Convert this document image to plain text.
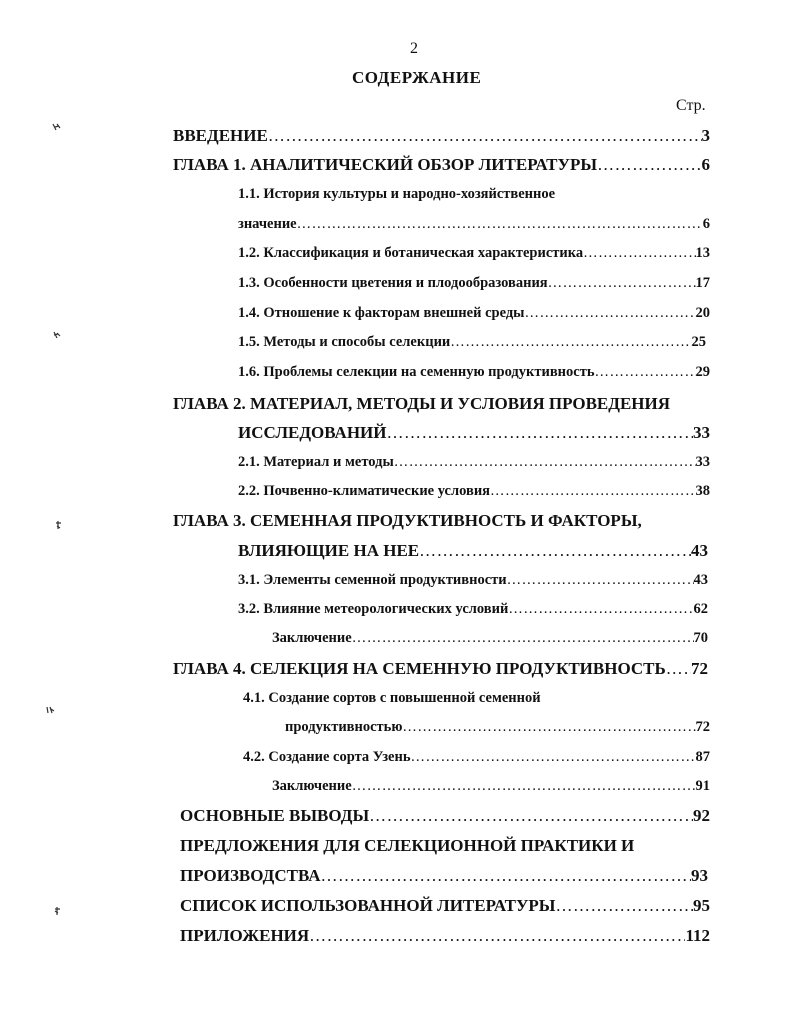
2
СОДЕРЖАНИЕ
Стр.
ВВЕДЕНИЕ ……………………………………………………………………………………………………………………………………………………………………	3
ГЛАВА 1. АНАЛИТИЧЕСКИЙ ОБЗОР ЛИТЕРАТУРЫ ……………………………………………………………………………………………………………………………………………………………………	6
1.1. История культуры и народно-хозяйственное
значение ……………………………………………………………………………………………………………………………………………………………………	6
1.2. Классификация и ботаническая характеристика ……………………………………………………………………………………………………………………………………………………………………	13
1.3. Особенности цветения и плодообразования ……………………………………………………………………………………………………………………………………………………………………	17
1.4. Отношение к факторам внешней среды ……………………………………………………………………………………………………………………………………………………………………	20
1.5. Методы и способы селекции ……………………………………………………………………………………………………………………………………………………………………	25
1.6. Проблемы селекции на семенную продуктивность ……………………………………………………………………………………………………………………………………………………………………	29
ГЛАВА 2. МАТЕРИАЛ, МЕТОДЫ И УСЛОВИЯ ПРОВЕДЕНИЯ
ИССЛЕДОВАНИЙ ……………………………………………………………………………………………………………………………………………………………………	33
2.1. Материал и методы ……………………………………………………………………………………………………………………………………………………………………	33
2.2. Почвенно-климатические условия ……………………………………………………………………………………………………………………………………………………………………	38
ГЛАВА 3. СЕМЕННАЯ ПРОДУКТИВНОСТЬ И ФАКТОРЫ,
ВЛИЯЮЩИЕ НА НЕЕ ……………………………………………………………………………………………………………………………………………………………………	43
3.1. Элементы семенной продуктивности ……………………………………………………………………………………………………………………………………………………………………	43
3.2. Влияние метеорологических условий ……………………………………………………………………………………………………………………………………………………………………	62
Заключение ……………………………………………………………………………………………………………………………………………………………………	70
ГЛАВА 4. СЕЛЕКЦИЯ НА СЕМЕННУЮ ПРОДУКТИВНОСТЬ …………………………………………………………………………………………………………………………………………………………………… 72
4.1. Создание сортов с повышенной семенной
продуктивностью ……………………………………………………………………………………………………………………………………………………………………	72
4.2. Создание сорта Узень ……………………………………………………………………………………………………………………………………………………………………	87
Заключение ……………………………………………………………………………………………………………………………………………………………………	91
ОСНОВНЫЕ ВЫВОДЫ ……………………………………………………………………………………………………………………………………………………………………	92
ПРЕДЛОЖЕНИЯ ДЛЯ СЕЛЕКЦИОННОЙ ПРАКТИКИ И
ПРОИЗВОДСТВА ……………………………………………………………………………………………………………………………………………………………………	93
СПИСОК ИСПОЛЬЗОВАННОЙ ЛИТЕРАТУРЫ ……………………………………………………………………………………………………………………………………………………………………	95
ПРИЛОЖЕНИЯ ……………………………………………………………………………………………………………………………………………………………………	112
